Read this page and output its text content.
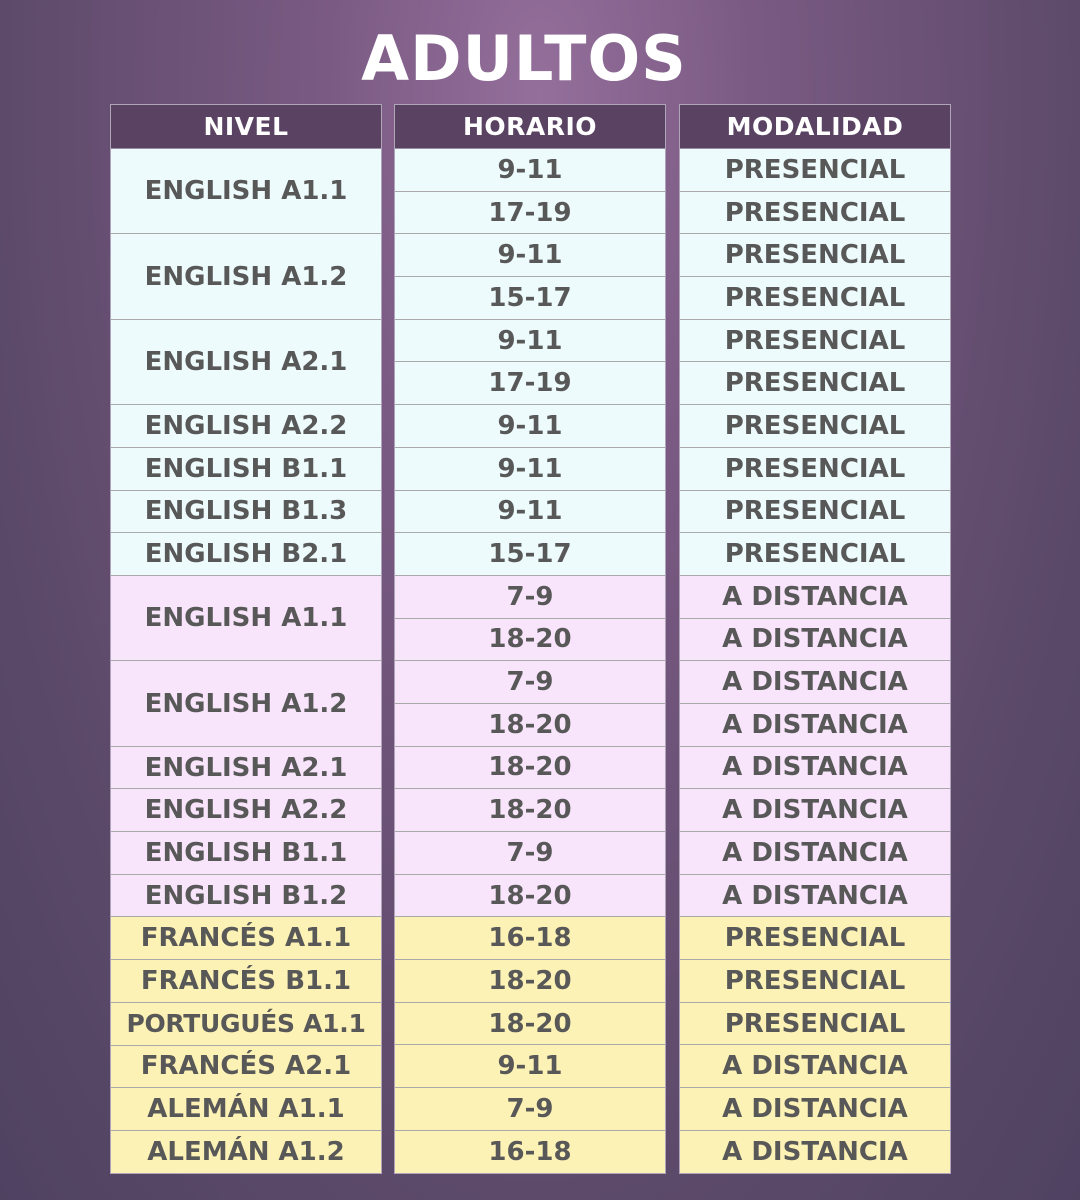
ADULTOS
NIVEL
ENGLISH A1.1
ENGLISH A1.2
ENGLISH A2.1
ENGLISH A2.2
ENGLISH B1.1
ENGLISH B1.3
ENGLISH B2.1
ENGLISH A1.1
ENGLISH A1.2
ENGLISH A2.1
ENGLISH A2.2
ENGLISH B1.1
ENGLISH B1.2
FRANCÉS A1.1
FRANCÉS B1.1
PORTUGUÉS A1.1
FRANCÉS A2.1
ALEMÁN A1.1
ALEMÁN A1.2
HORARIO
9-11
17-19
9-11
15-17
9-11
17-19
9-11
9-11
9-11
15-17
7-9
18-20
7-9
18-20
18-20
18-20
7-9
18-20
16-18
18-20
18-20
9-11
7-9
16-18
MODALIDAD
PRESENCIAL
PRESENCIAL
PRESENCIAL
PRESENCIAL
PRESENCIAL
PRESENCIAL
PRESENCIAL
PRESENCIAL
PRESENCIAL
PRESENCIAL
A DISTANCIA
A DISTANCIA
A DISTANCIA
A DISTANCIA
A DISTANCIA
A DISTANCIA
A DISTANCIA
A DISTANCIA
PRESENCIAL
PRESENCIAL
PRESENCIAL
A DISTANCIA
A DISTANCIA
A DISTANCIA
